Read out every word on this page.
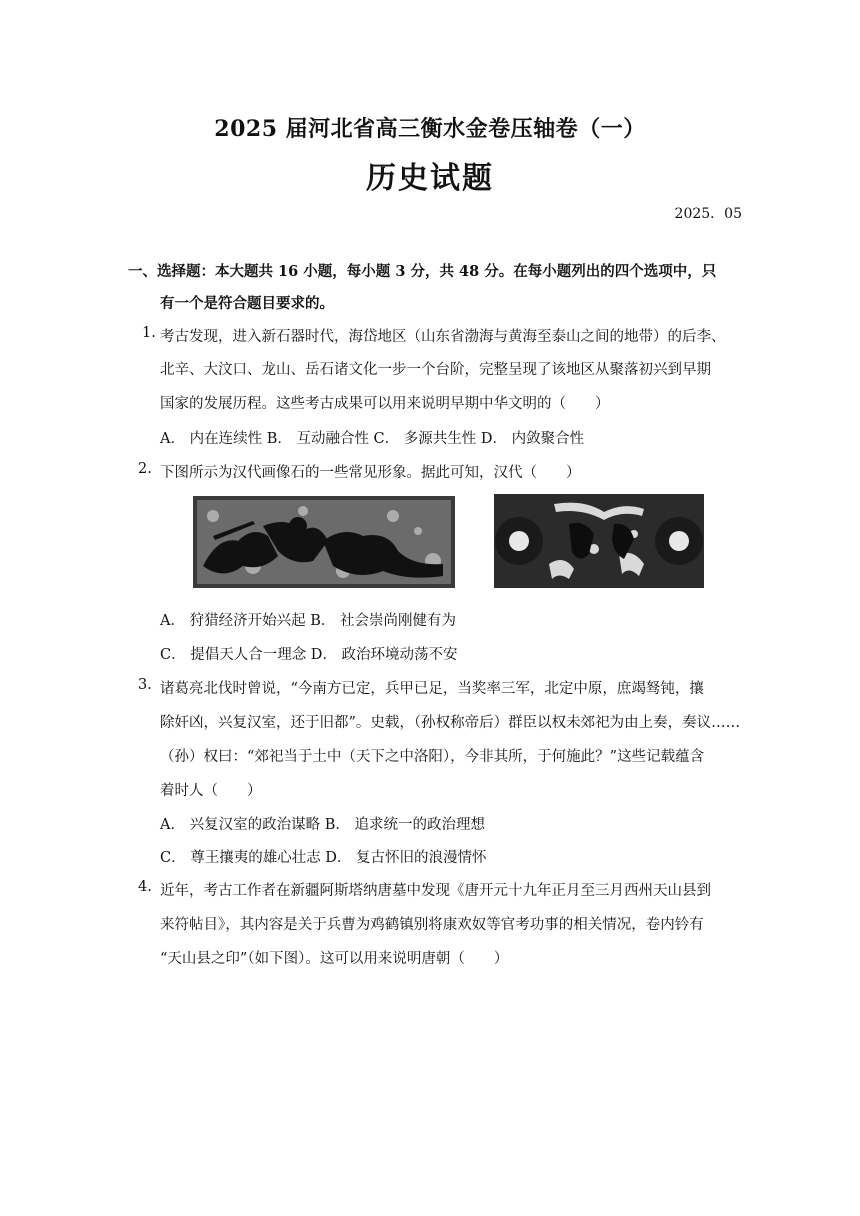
2025 届河北省高三衡水金卷压轴卷（一）
历史试题
2025．05
一、选择题：本大题共 16 小题，每小题 3 分，共 48 分。在每小题列出的四个选项中，只
有一个是符合题目要求的。
1. 考古发现，进入新石器时代，海岱地区（山东省渤海与黄海至泰山之间的地带）的后李、
北辛、大汶口、龙山、岳石诸文化一步一个台阶，完整呈现了该地区从聚落初兴到早期
国家的发展历程。这些考古成果可以用来说明早期中华文明的（　　）
A． 内在连续性 B． 互动融合性 C． 多源共生性 D． 内敛聚合性
2. 下图所示为汉代画像石的一些常见形象。据此可知，汉代（　　）
A． 狩猎经济开始兴起 B． 社会崇尚刚健有为
C． 提倡天人合一理念 D． 政治环境动荡不安
3. 诸葛亮北伐时曾说，“今南方已定，兵甲已足，当奖率三军，北定中原，庶竭驽钝，攘
除奸凶，兴复汉室，还于旧都”。史载，（孙权称帝后）群臣以权未郊祀为由上奏，奏议……
（孙）权曰：“郊祀当于土中（天下之中洛阳），今非其所，于何施此？”这些记载蕴含
着时人（　　）
A． 兴复汉室的政治谋略 B． 追求统一的政治理想
C． 尊王攘夷的雄心壮志 D． 复古怀旧的浪漫情怀
4. 近年，考古工作者在新疆阿斯塔纳唐墓中发现《唐开元十九年正月至三月西州天山县到
来符帖目》，其内容是关于兵曹为鸡鹤镇别将康欢奴等官考功事的相关情况，卷内钤有
“天山县之印”（如下图）。这可以用来说明唐朝（　　）
